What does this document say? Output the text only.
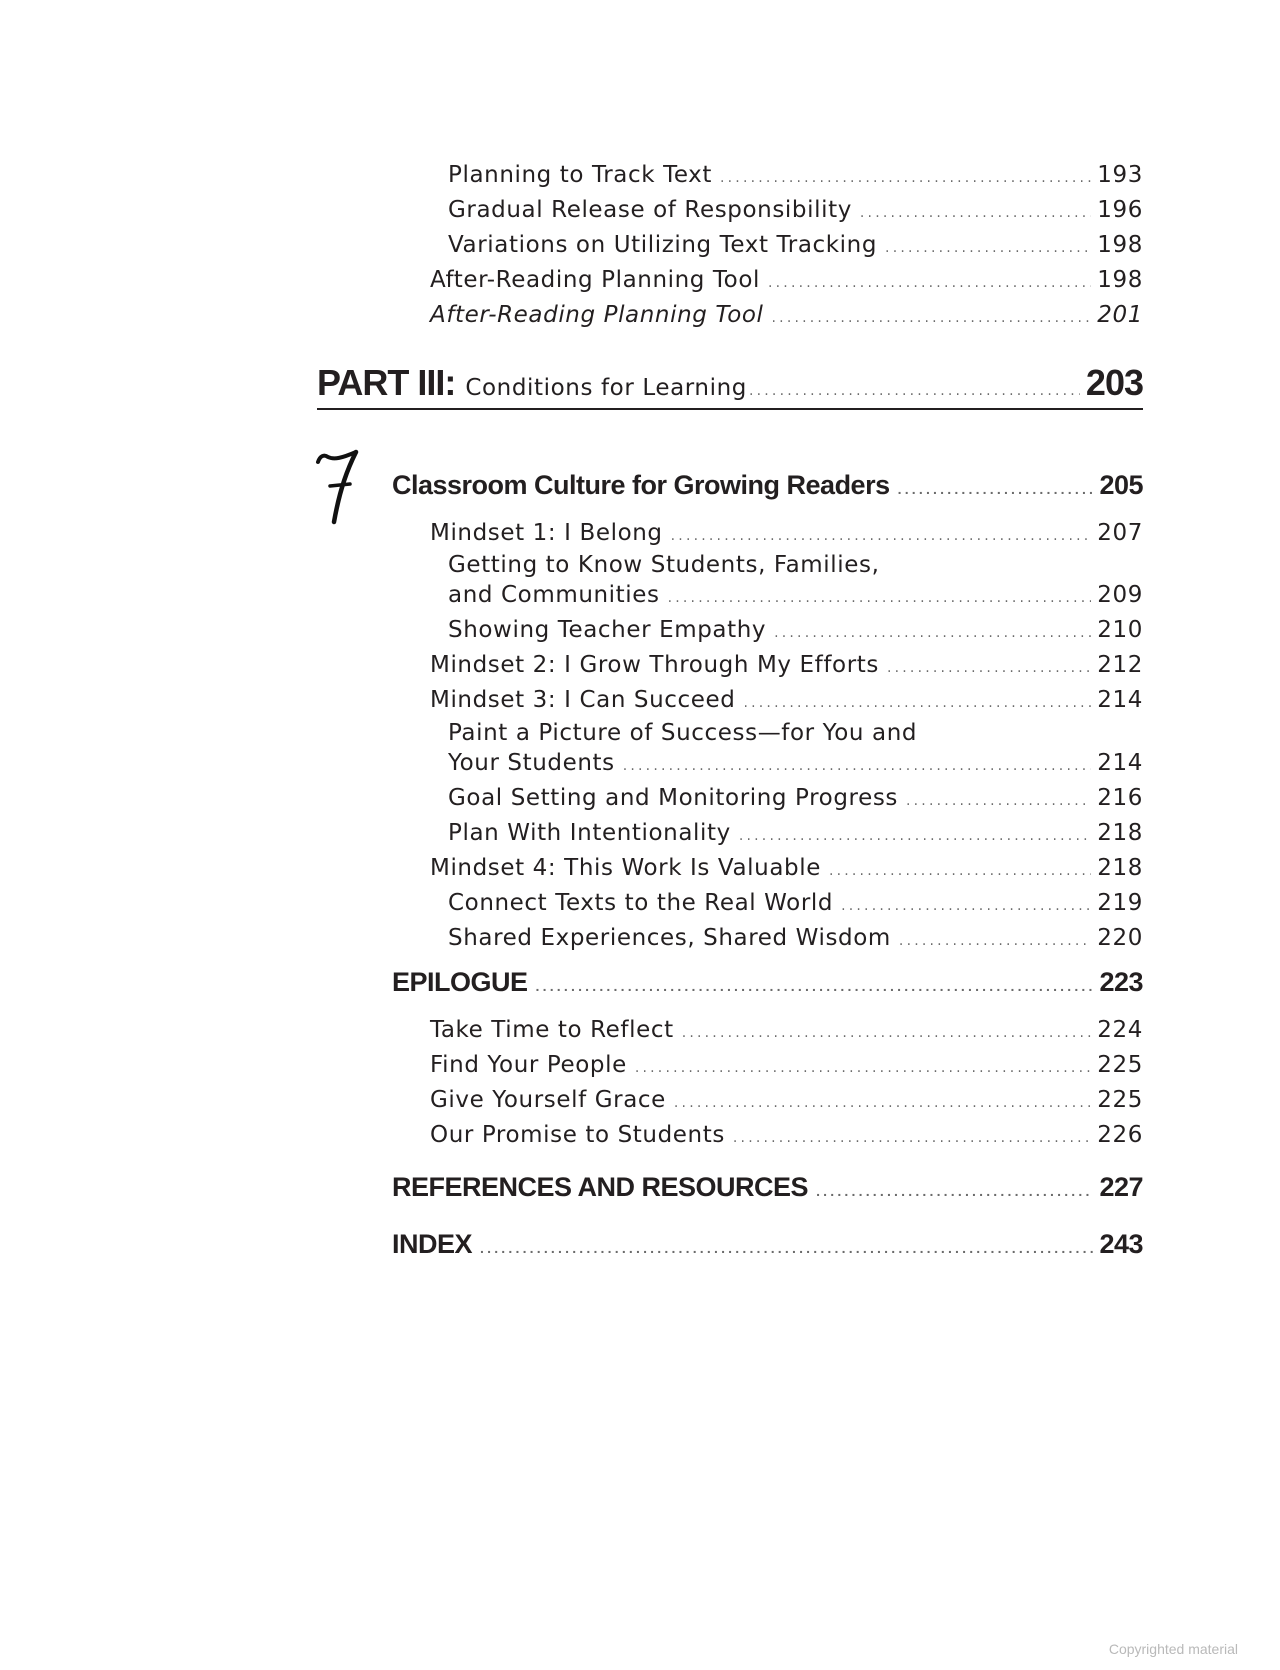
Planning to Track Text .....	193
Gradual Release of Responsibility .....	196
Variations on Utilizing Text Tracking .....	198
After-Reading Planning Tool .....	198
After-Reading Planning Tool .....	201
PART III: Conditions for Learning .....	203
7
Classroom Culture for Growing Readers .....	205
Mindset 1: I Belong .....	207
Getting to Know Students, Families,
and Communities .....	209
Showing Teacher Empathy .....	210
Mindset 2: I Grow Through My Efforts .....	212
Mindset 3: I Can Succeed .....	214
Paint a Picture of Success—for You and
Your Students .....	214
Goal Setting and Monitoring Progress .....	216
Plan With Intentionality .....	218
Mindset 4: This Work Is Valuable .....	218
Connect Texts to the Real World .....	219
Shared Experiences, Shared Wisdom .....	220
EPILOGUE .....	223
Take Time to Reflect .....	224
Find Your People .....	225
Give Yourself Grace .....	225
Our Promise to Students .....	226
REFERENCES AND RESOURCES .....	227
INDEX .....	243
Copyrighted material
